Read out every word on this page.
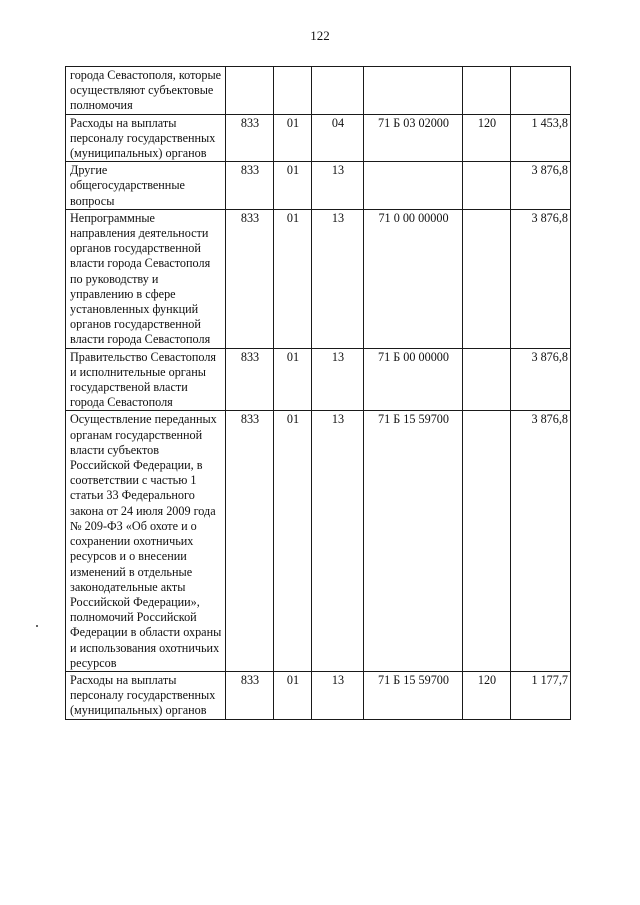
122
города Севастополя, которые осуществляют субъектовые полномочия						
Расходы на выплаты персоналу государственных (муниципальных) органов	833	01	04	71 Б 03 02000	120	1 453,8
Другие общегосударственные вопросы	833	01	13			3 876,8
Непрограммные направления деятельности органов государственной власти города Севастополя по руководству и управлению в сфере установленных функций органов государственной власти города Севастополя	833	01	13	71 0 00 00000		3 876,8
Правительство Севастополя и исполнительные органы государственой власти города Севастополя	833	01	13	71 Б 00 00000		3 876,8
Осуществление переданных органам государственной власти субъектов Российской Федерации, в соответствии с частью 1 статьи 33 Федерального закона от 24 июля 2009 года № 209-ФЗ «Об охоте и о сохранении охотничьих ресурсов и о внесении изменений в отдельные законодательные акты Российской Федерации», полномочий Российской Федерации в области охраны и использования охотничьих ресурсов	833	01	13	71 Б 15 59700		3 876,8
Расходы на выплаты персоналу государственных (муниципальных) органов	833	01	13	71 Б 15 59700	120	1 177,7
